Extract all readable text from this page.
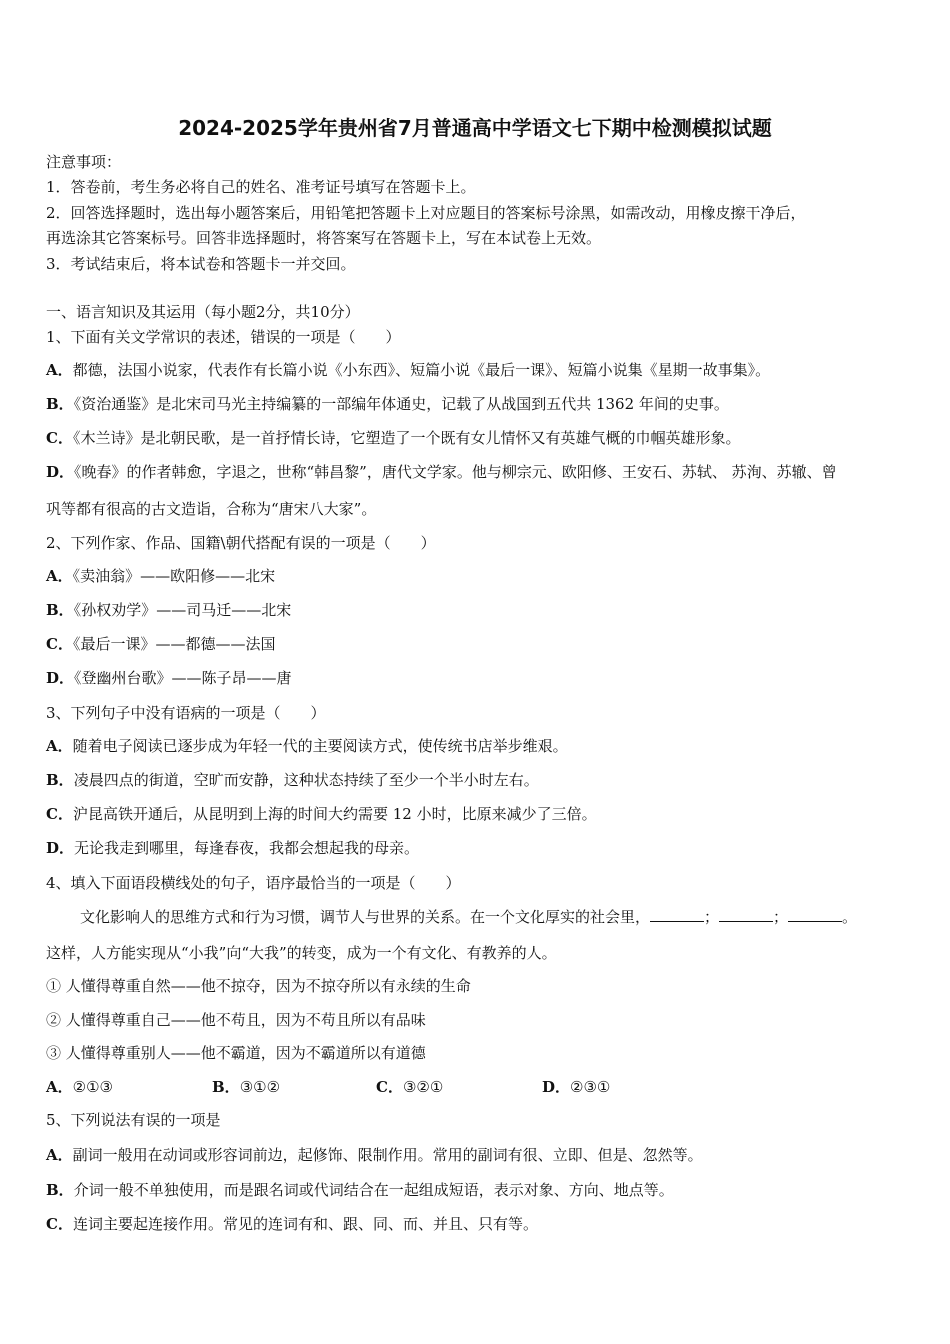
2024-2025学年贵州省7月普通高中学语文七下期中检测模拟试题
注意事项：
1．答卷前，考生务必将自己的姓名、准考证号填写在答题卡上。
2．回答选择题时，选出每小题答案后，用铅笔把答题卡上对应题目的答案标号涂黑，如需改动，用橡皮擦干净后，
再选涂其它答案标号。回答非选择题时，将答案写在答题卡上，写在本试卷上无效。
3．考试结束后，将本试卷和答题卡一并交回。
一、语言知识及其运用（每小题2分，共10分）
1、下面有关文学常识的表述，错误的一项是（　　）
A．都德，法国小说家，代表作有长篇小说《小东西》、短篇小说《最后一课》、短篇小说集《星期一故事集》。
B．《资治通鉴》是北宋司马光主持编纂的一部编年体通史，记载了从战国到五代共 1362 年间的史事。
C．《木兰诗》是北朝民歌，是一首抒情长诗，它塑造了一个既有女儿情怀又有英雄气概的巾帼英雄形象。
D．《晚春》的作者韩愈，字退之，世称“韩昌黎”，唐代文学家。他与柳宗元、欧阳修、王安石、苏轼、 苏洵、苏辙、曾
巩等都有很高的古文造诣，合称为“唐宋八大家”。
2、下列作家、作品、国籍\朝代搭配有误的一项是（　　）
A．《卖油翁》——欧阳修——北宋
B．《孙权劝学》——司马迁——北宋
C．《最后一课》——都德——法国
D．《登幽州台歌》——陈子昂——唐
3、下列句子中没有语病的一项是（　　）
A．随着电子阅读已逐步成为年轻一代的主要阅读方式，使传统书店举步维艰。
B．凌晨四点的街道，空旷而安静，这种状态持续了至少一个半小时左右。
C．沪昆高铁开通后，从昆明到上海的时间大约需要 12 小时，比原来减少了三倍。
D．无论我走到哪里，每逢春夜，我都会想起我的母亲。
4、填入下面语段横线处的句子，语序最恰当的一项是（　　）
文化影响人的思维方式和行为习惯，调节人与世界的关系。在一个文化厚实的社会里，	；	；	。
这样，人方能实现从“小我”向“大我”的转变，成为一个有文化、有教养的人。
① 人懂得尊重自然——他不掠夺，因为不掠夺所以有永续的生命
② 人懂得尊重自己——他不苟且，因为不苟且所以有品味
③ 人懂得尊重别人——他不霸道，因为不霸道所以有道德
A．②①③	B．③①②	C．③②①	D．②③①
5、下列说法有误的一项是
A．副词一般用在动词或形容词前边，起修饰、限制作用。常用的副词有很、立即、但是、忽然等。
B．介词一般不单独使用，而是跟名词或代词结合在一起组成短语，表示对象、方向、地点等。
C．连词主要起连接作用。常见的连词有和、跟、同、而、并且、只有等。
